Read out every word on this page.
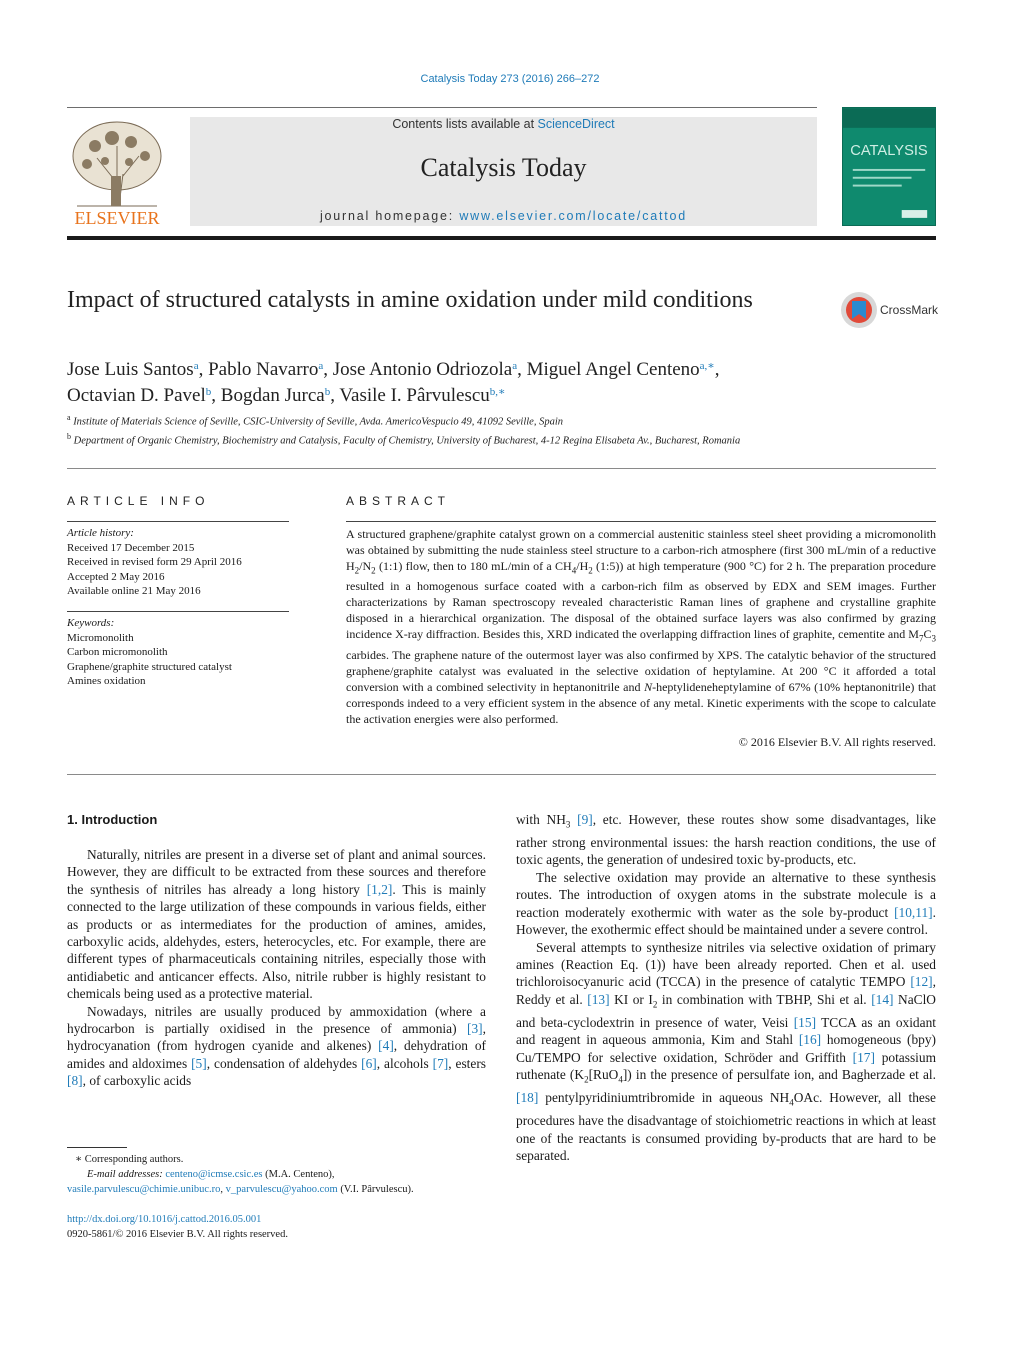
Catalysis Today 273 (2016) 266–272
ELSEVIER
Contents lists available at ScienceDirect
Catalysis Today
journal homepage: www.elsevier.com/locate/cattod
CATALYSIS
Impact of structured catalysts in amine oxidation under mild conditions	CrossMark
Jose Luis Santos$^a$, Pablo Navarro$^a$, Jose Antonio Odriozola$^a$, Miguel Angel Centeno$^{a,∗}$,
Octavian D. Pavel$^b$, Bogdan Jurca$^b$, Vasile I. Pârvulescu$^{b,∗}$
$^a$ Institute of Materials Science of Seville, CSIC-University of Seville, Avda. AmericoVespucio 49, 41092 Seville, Spain
$^b$ Department of Organic Chemistry, Biochemistry and Catalysis, Faculty of Chemistry, University of Bucharest, 4-12 Regina Elisabeta Av., Bucharest, Romania
ARTICLE INFO	ABSTRACT
Article history:
Received 17 December 2015
Received in revised form 29 April 2016
Accepted 2 May 2016
Available online 21 May 2016
Keywords:
Micromonolith
Carbon micromonolith
Graphene/graphite structured catalyst
Amines oxidation
A structured graphene/graphite catalyst grown on a commercial austenitic stainless steel sheet providing a micromonolith was obtained by submitting the nude stainless steel structure to a carbon-rich atmosphere (first 300 mL/min of a reductive $H_2/N_2$ (1:1) flow, then to 180 mL/min of a $CH_4/H_2$ (1:5)) at high temperature (900 °C) for 2 h. The preparation procedure resulted in a homogenous surface coated with a carbon-rich film as observed by EDX and SEM images. Further characterizations by Raman spectroscopy revealed characteristic Raman lines of graphene and crystalline graphite disposed in a hierarchical organization. The disposal of the obtained surface layers was also confirmed by grazing incidence X-ray diffraction. Besides this, XRD indicated the overlapping diffraction lines of graphite, cementite and $M_7C_3$ carbides. The graphene nature of the outermost layer was also confirmed by XPS. The catalytic behavior of the structured graphene/graphite catalyst was evaluated in the selective oxidation of heptylamine. At 200 °C it afforded a total conversion with a combined selectivity in heptanonitrile and N-heptylideneheptylamine of 67% (10% heptanonitrile) that corresponds indeed to a very efficient system in the absence of any metal. Kinetic experiments with the scope to calculate the activation energies were also performed.
© 2016 Elsevier B.V. All rights reserved.
1. Introduction

Naturally, nitriles are present in a diverse set of plant and animal sources. However, they are difficult to be extracted from these sources and therefore the synthesis of nitriles has already a long history [1,2]. This is mainly connected to the large utilization of these compounds in various fields, either as products or as intermediates for the production of amines, amides, carboxylic acids, aldehydes, esters, heterocycles, etc. For example, there are different types of pharmaceuticals containing nitriles, especially those with antidiabetic and anticancer effects. Also, nitrile rubber is highly resistant to chemicals being used as a protective material.

Nowadays, nitriles are usually produced by ammoxidation (where a hydrocarbon is partially oxidised in the presence of ammonia) [3], hydrocyanation (from hydrogen cyanide and alkenes) [4], dehydration of amides and aldoximes [5], condensation of aldehydes [6], alcohols [7], esters [8], of carboxylic acids

with $NH_3$ [9], etc. However, these routes show some disadvantages, like rather strong environmental issues: the harsh reaction conditions, the use of toxic agents, the generation of undesired toxic by-products, etc.

The selective oxidation may provide an alternative to these synthesis routes. The introduction of oxygen atoms in the substrate molecule is a reaction moderately exothermic with water as the sole by-product [10,11]. However, the exothermic effect should be maintained under a severe control.

Several attempts to synthesize nitriles via selective oxidation of primary amines (Reaction Eq. (1)) have been already reported. Chen et al. used trichloroisocyanuric acid (TCCA) in the presence of catalytic TEMPO [12], Reddy et al. [13] KI or $I_2$ in combination with TBHP, Shi et al. [14] NaClO and beta-cyclodextrin in presence of water, Veisi [15] TCCA as an oxidant and reagent in aqueous ammonia, Kim and Stahl [16] homogeneous (bpy) Cu/TEMPO for selective oxidation, Schröder and Griffith [17] potassium ruthenate $(K_2[RuO_4])$ in the presence of persulfate ion, and Bagherzade et al. [18] pentylpyridiniumtribromide in aqueous $NH_4OAc$. However, all these procedures have the disadvantage of stoichiometric reactions in which at least one of the reactants is consumed providing by-products that are hard to be separated.

∗ Corresponding authors.
E-mail addresses: centeno@icmse.csic.es (M.A. Centeno),
vasile.parvulescu@chimie.unibuc.ro, v_parvulescu@yahoo.com (V.I. Pârvulescu).
http://dx.doi.org/10.1016/j.cattod.2016.05.001
0920-5861/© 2016 Elsevier B.V. All rights reserved.
